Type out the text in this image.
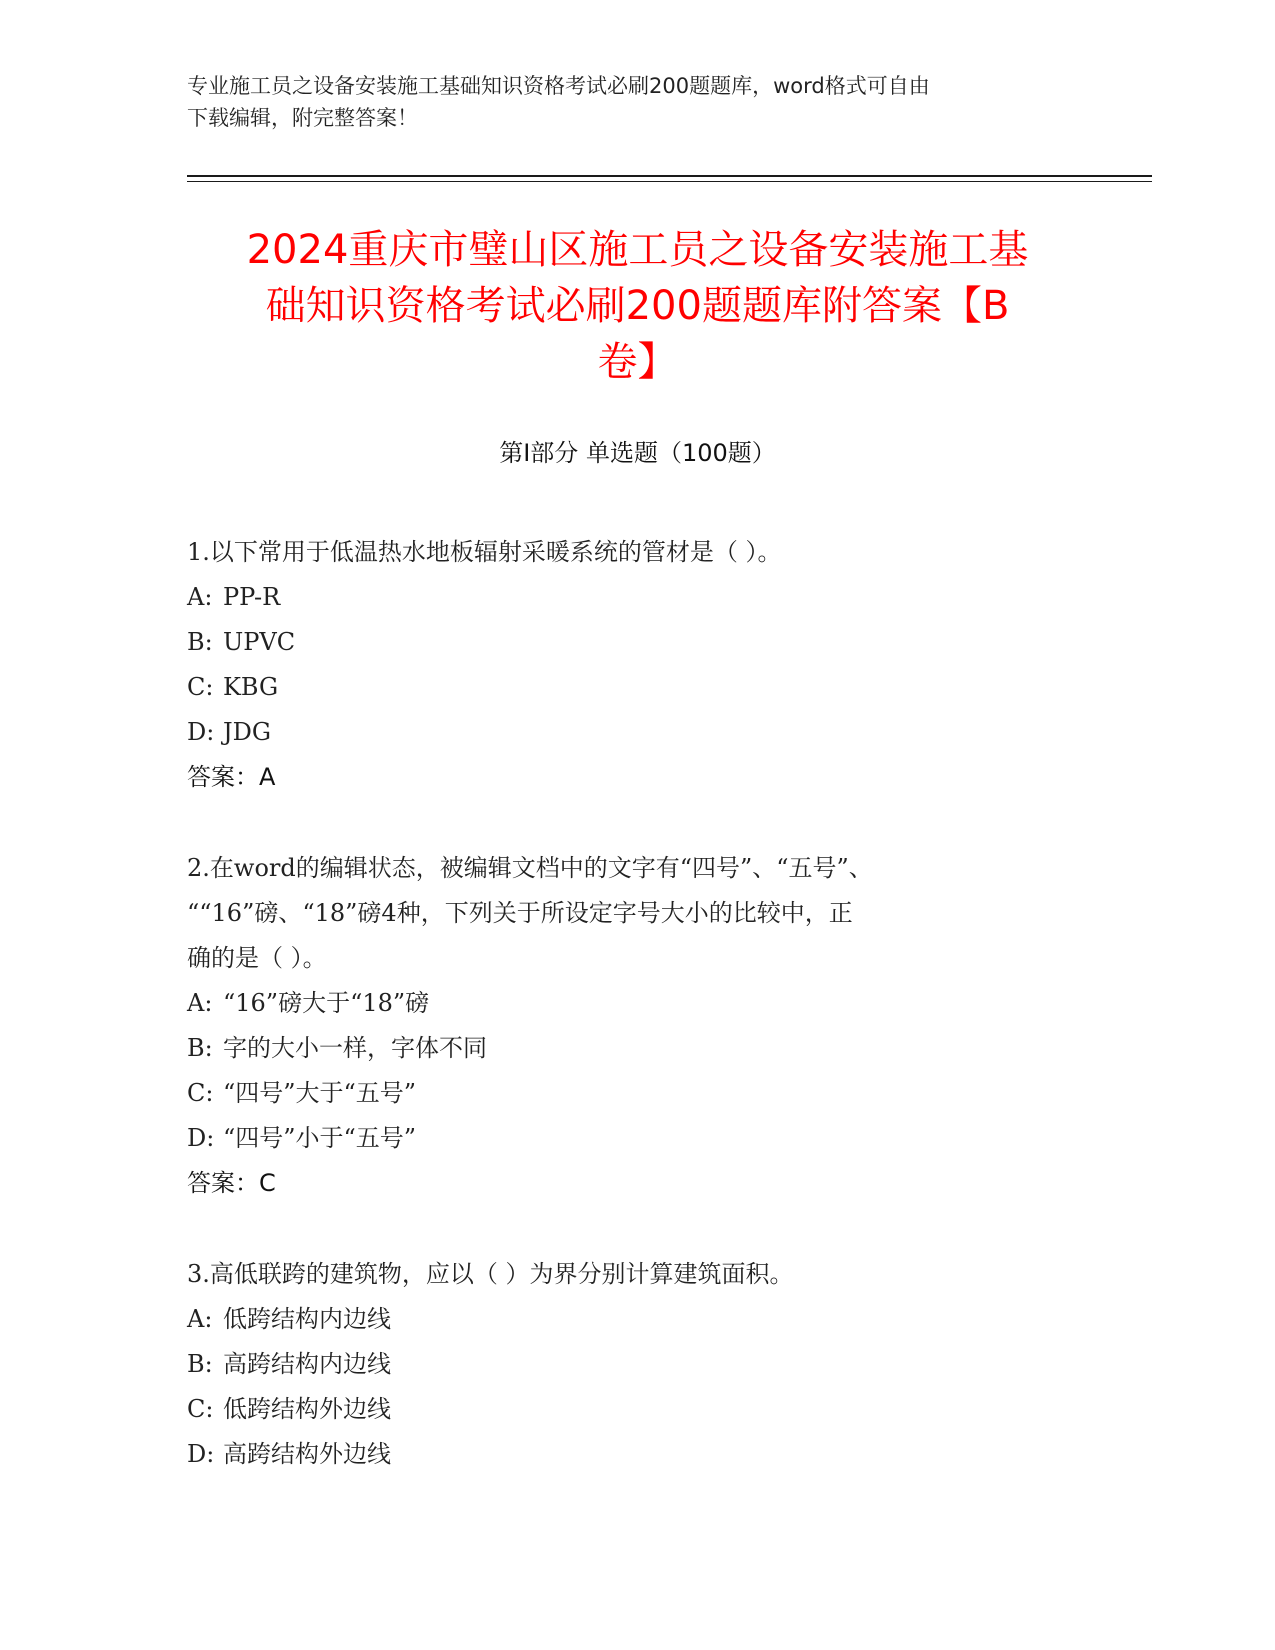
专业施工员之设备安装施工基础知识资格考试必刷200题题库，word格式可自由
下载编辑，附完整答案！
2024重庆市璧山区施工员之设备安装施工基
础知识资格考试必刷200题题库附答案【B
卷】
第I部分 单选题（100题）
1.以下常用于低温热水地板辐射采暖系统的管材是（ ）。
A: PP-R
B: UPVC
C: KBG
D: JDG
答案：A
2.在word的编辑状态，被编辑文档中的文字有“四号”、“五号”、
““16”磅、“18”磅4种，下列关于所设定字号大小的比较中，正
确的是（ ）。
A: “16”磅大于“18”磅
B: 字的大小一样，字体不同
C: “四号”大于“五号”
D: “四号”小于“五号”
答案：C
3.高低联跨的建筑物，应以（ ）为界分别计算建筑面积。
A: 低跨结构内边线
B: 高跨结构内边线
C: 低跨结构外边线
D: 高跨结构外边线
